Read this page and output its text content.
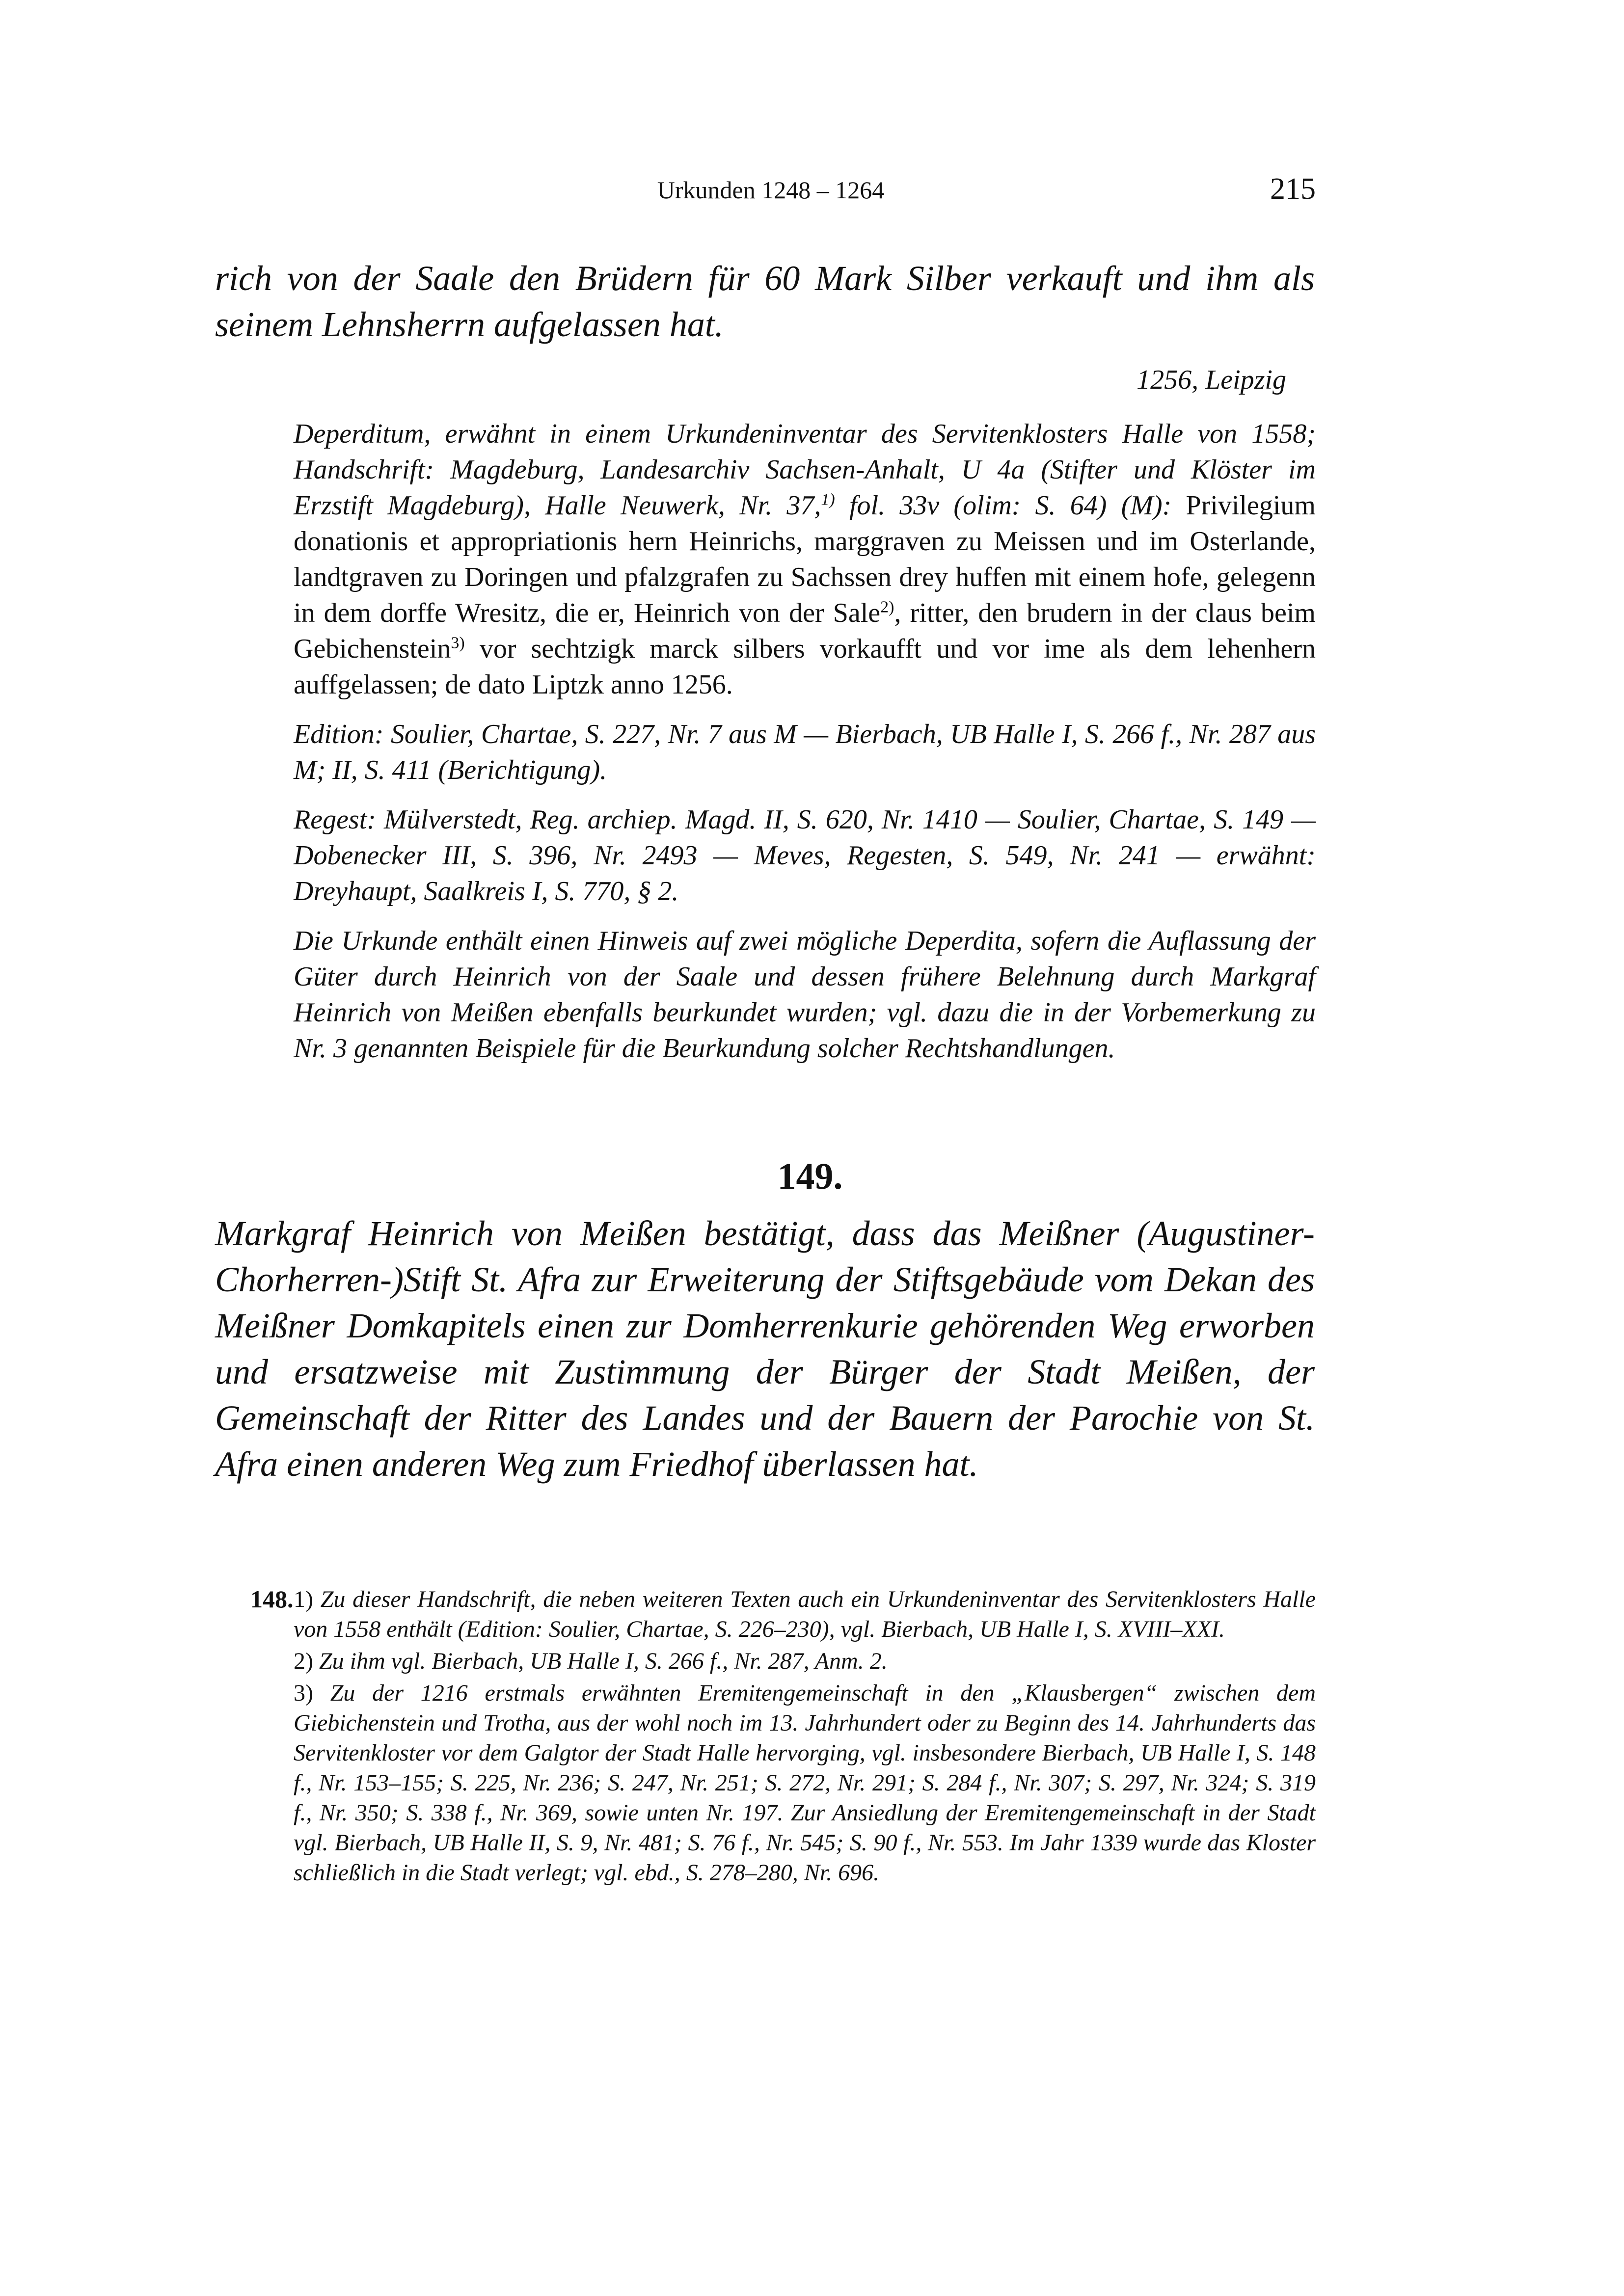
Urkunden 1248 – 1264	215
rich von der Saale den Brüdern für 60 Mark Silber verkauft und ihm als seinem Lehnsherrn aufgelassen hat.
1256, Leipzig

Deperditum, erwähnt in einem Urkundeninventar des Servitenklosters Halle von 1558; Handschrift: Magdeburg, Landesarchiv Sachsen-Anhalt, U 4a (Stifter und Klöster im Erzstift Magdeburg), Halle Neuwerk, Nr. 37,$^{1)}$ fol. 33v (olim: S. 64) (M): Privilegium donationis et appropriationis hern Heinrichs, marggraven zu Meissen und im Osterlande, landtgraven zu Doringen und pfalzgrafen zu Sachssen drey huffen mit einem hofe, gelegenn in dem dorffe Wresitz, die er, Heinrich von der Sale$^{2)}$, ritter, den brudern in der claus beim Gebichenstein$^{3)}$ vor sechtzigk marck silbers vorkaufft und vor ime als dem lehenhern auffgelassen; de dato Liptzk anno 1256.

Edition: Soulier, Chartae, S. 227, Nr. 7 aus M — Bierbach, UB Halle I, S. 266 f., Nr. 287 aus M; II, S. 411 (Berichtigung).

Regest: Mülverstedt, Reg. archiep. Magd. II, S. 620, Nr. 1410 — Soulier, Chartae, S. 149 — Dobenecker III, S. 396, Nr. 2493 — Meves, Regesten, S. 549, Nr. 241 — erwähnt: Dreyhaupt, Saalkreis I, S. 770, § 2.

Die Urkunde enthält einen Hinweis auf zwei mögliche Deperdita, sofern die Auflassung der Güter durch Heinrich von der Saale und dessen frühere Belehnung durch Markgraf Heinrich von Meißen ebenfalls beurkundet wurden; vgl. dazu die in der Vorbemerkung zu Nr. 3 genannten Beispiele für die Beurkundung solcher Rechtshandlungen.

149.
Markgraf Heinrich von Meißen bestätigt, dass das Meißner (Augustiner-Chorherren-)Stift St. Afra zur Erweiterung der Stiftsgebäude vom Dekan des Meißner Domkapitels einen zur Domherrenkurie gehörenden Weg erworben und ersatzweise mit Zustimmung der Bürger der Stadt Meißen, der Gemeinschaft der Ritter des Landes und der Bauern der Parochie von St. Afra einen anderen Weg zum Friedhof überlassen hat.
148. 1) Zu dieser Handschrift, die neben weiteren Texten auch ein Urkundeninventar des Servitenklosters Halle von 1558 enthält (Edition: Soulier, Chartae, S. 226–230), vgl. Bierbach, UB Halle I, S. XVIII–XXI.

2) Zu ihm vgl. Bierbach, UB Halle I, S. 266 f., Nr. 287, Anm. 2.

3) Zu der 1216 erstmals erwähnten Eremitengemeinschaft in den „Klausbergen“ zwischen dem Giebichenstein und Trotha, aus der wohl noch im 13. Jahrhundert oder zu Beginn des 14. Jahrhunderts das Servitenkloster vor dem Galgtor der Stadt Halle hervorging, vgl. insbesondere Bierbach, UB Halle I, S. 148 f., Nr. 153–155; S. 225, Nr. 236; S. 247, Nr. 251; S. 272, Nr. 291; S. 284 f., Nr. 307; S. 297, Nr. 324; S. 319 f., Nr. 350; S. 338 f., Nr. 369, sowie unten Nr. 197. Zur Ansiedlung der Eremitengemeinschaft in der Stadt vgl. Bierbach, UB Halle II, S. 9, Nr. 481; S. 76 f., Nr. 545; S. 90 f., Nr. 553. Im Jahr 1339 wurde das Kloster schließlich in die Stadt verlegt; vgl. ebd., S. 278–280, Nr. 696.
